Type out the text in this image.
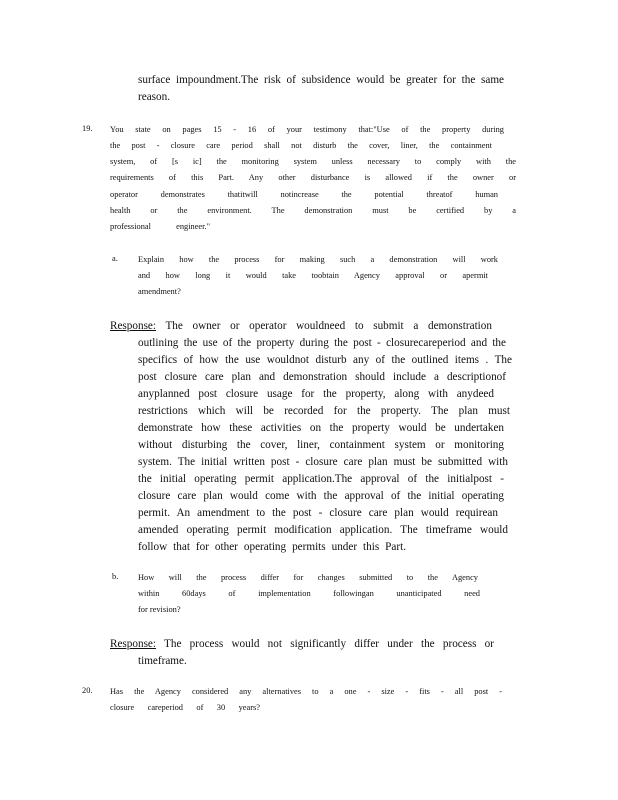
surface impoundment.The risk of subsidence would be greater for the same
reason.
19. You state on pages 15 - 16 of your testimony that:"Use of the property during
the post - closure care period shall not disturb the cover, liner, the containment
system, of [s ic] the monitoring system unless necessary to comply with the
requirements of this Part. Any other disturbance is allowed if the owner or
operator demonstrates thatitwill notincrease the potential threatof human
health or the environment. The demonstration must be certified by a
professional engineer."
a. Explain how the process for making such a demonstration will work
and how long it would take toobtain Agency approval or apermit
amendment?
Response: The owner or operator wouldneed to submit a demonstration
outlining the use of the property during the post - closurecareperiod and the
specifics of how the use wouldnot disturb any of the outlined items . The
post closure care plan and demonstration should include a descriptionof
anyplanned post closure usage for the property, along with anydeed
restrictions which will be recorded for the property. The plan must
demonstrate how these activities on the property would be undertaken
without disturbing the cover, liner, containment system or monitoring
system. The initial written post - closure care plan must be submitted with
the initial operating permit application.The approval of the initialpost -
closure care plan would come with the approval of the initial operating
permit. An amendment to the post - closure care plan would requirean
amended operating permit modification application. The timeframe would
follow that for other operating permits under this Part.
b. How will the process differ for changes submitted to the Agency
within 60days of implementation followingan unanticipated need
for revision?
Response: The process would not significantly differ under the process or
timeframe.
20. Has the Agency considered any alternatives to a one - size - fits - all post -
closure careperiod of 30 years?
